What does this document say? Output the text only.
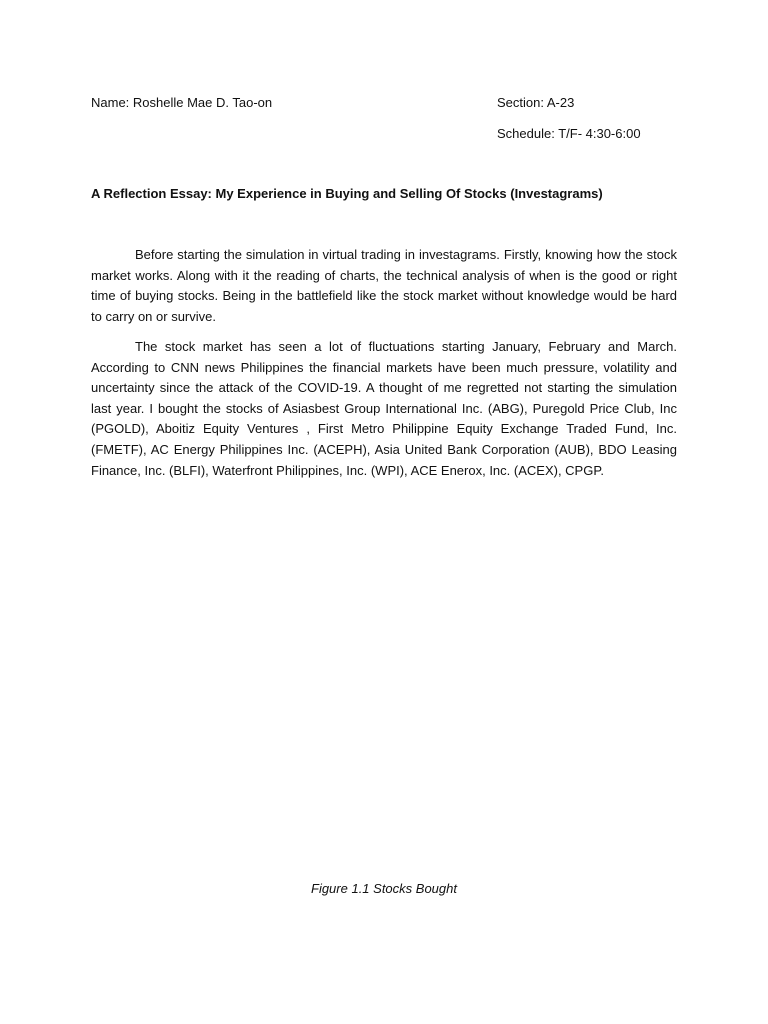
Name: Roshelle Mae D. Tao-on	Section: A-23
Schedule: T/F- 4:30-6:00
A Reflection Essay: My Experience in Buying and Selling Of Stocks (Investagrams)

Before starting the simulation in virtual trading in investagrams. Firstly, knowing how the stock market works. Along with it the reading of charts, the technical analysis of when is the good or right time of buying stocks. Being in the battlefield like the stock market without knowledge would be hard to carry on or survive.

The stock market has seen a lot of fluctuations starting January, February and March. According to CNN news Philippines the financial markets have been much pressure, volatility and uncertainty since the attack of the COVID-19. A thought of me regretted not starting the simulation last year. I bought the stocks of Asiasbest Group International Inc. (ABG), Puregold Price Club, Inc (PGOLD), Aboitiz Equity Ventures , First Metro Philippine Equity Exchange Traded Fund, Inc. (FMETF), AC Energy Philippines Inc. (ACEPH), Asia United Bank Corporation (AUB), BDO Leasing Finance, Inc. (BLFI), Waterfront Philippines, Inc. (WPI), ACE Enerox, Inc. (ACEX), CPGP.

Figure 1.1 Stocks Bought
